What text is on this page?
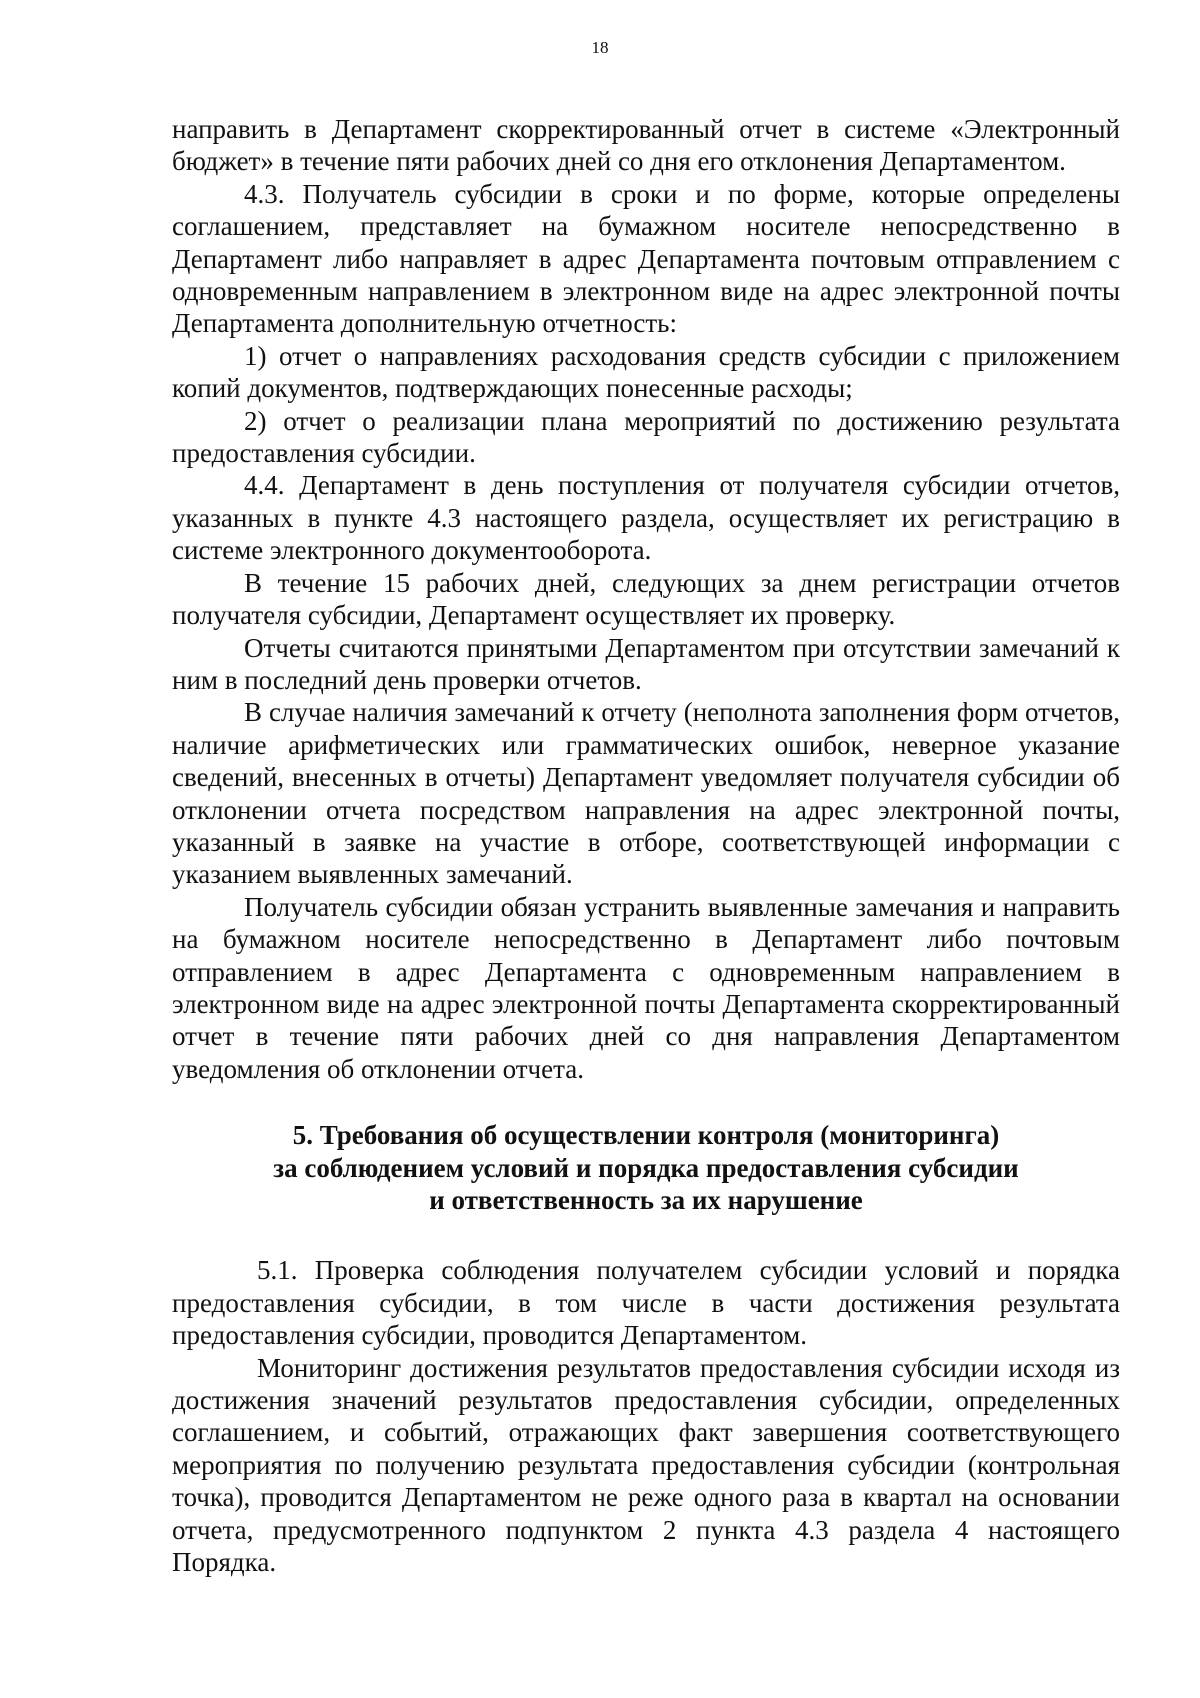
18

направить в Департамент скорректированный отчет в системе «Электронный бюджет» в течение пяти рабочих дней со дня его отклонения Департаментом.

4.3. Получатель субсидии в сроки и по форме, которые определены соглашением, представляет на бумажном носителе непосредственно в Департамент либо направляет в адрес Департамента почтовым отправлением с одновременным направлением в электронном виде на адрес электронной почты Департамента дополнительную отчетность:

1) отчет о направлениях расходования средств субсидии с приложением копий документов, подтверждающих понесенные расходы;

2) отчет о реализации плана мероприятий по достижению результата предоставления субсидии.

4.4. Департамент в день поступления от получателя субсидии отчетов, указанных в пункте 4.3 настоящего раздела, осуществляет их регистрацию в системе электронного документооборота.

В течение 15 рабочих дней, следующих за днем регистрации отчетов получателя субсидии, Департамент осуществляет их проверку.

Отчеты считаются принятыми Департаментом при отсутствии замечаний к ним в последний день проверки отчетов.

В случае наличия замечаний к отчету (неполнота заполнения форм отчетов, наличие арифметических или грамматических ошибок, неверное указание сведений, внесенных в отчеты) Департамент уведомляет получателя субсидии об отклонении отчета посредством направления на адрес электронной почты, указанный в заявке на участие в отборе, соответствующей информации с указанием выявленных замечаний.

Получатель субсидии обязан устранить выявленные замечания и направить на бумажном носителе непосредственно в Департамент либо почтовым отправлением в адрес Департамента с одновременным направлением в электронном виде на адрес электронной почты Департамента скорректированный отчет в течение пяти рабочих дней со дня направления Департаментом уведомления об отклонении отчета.

5. Требования об осуществлении контроля (мониторинга)
за соблюдением условий и порядка предоставления субсидии
и ответственность за их нарушение

5.1. Проверка соблюдения получателем субсидии условий и порядка предоставления субсидии, в том числе в части достижения результата предоставления субсидии, проводится Департаментом.

Мониторинг достижения результатов предоставления субсидии исходя из достижения значений результатов предоставления субсидии, определенных соглашением, и событий, отражающих факт завершения соответствующего мероприятия по получению результата предоставления субсидии (контрольная точка), проводится Департаментом не реже одного раза в квартал на основании отчета, предусмотренного подпунктом 2 пункта 4.3 раздела 4 настоящего Порядка.
